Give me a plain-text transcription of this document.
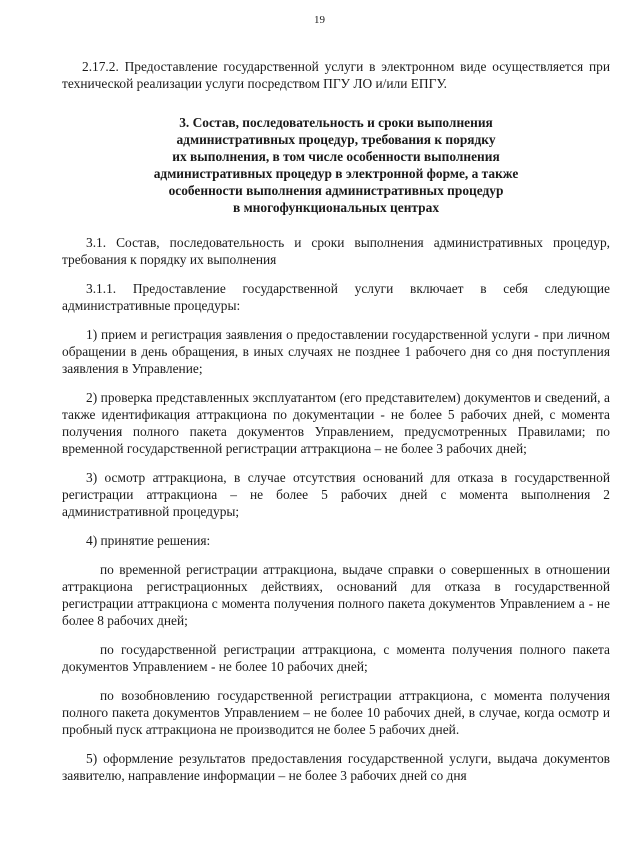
19

2.17.2. Предоставление государственной услуги в электронном виде осуществляется при технической реализации услуги посредством ПГУ ЛО и/или ЕПГУ.

3. Состав, последовательность и сроки выполнения
административных процедур, требования к порядку
их выполнения, в том числе особенности выполнения
административных процедур в электронной форме, а также
особенности выполнения административных процедур
в многофункциональных центрах

3.1. Состав, последовательность и сроки выполнения административных процедур, требования к порядку их выполнения

3.1.1. Предоставление государственной услуги включает в себя следующие административные процедуры:

1) прием и регистрация заявления о предоставлении государственной услуги - при личном обращении в день обращения, в иных случаях не позднее 1 рабочего дня со дня поступления заявления в Управление;

2) проверка представленных эксплуатантом (его представителем) документов и сведений, а также идентификация аттракциона по документации - не более 5 рабочих дней, с момента получения полного пакета документов Управлением, предусмотренных Правилами; по временной государственной регистрации аттракциона – не более 3 рабочих дней;

3) осмотр аттракциона, в случае отсутствия оснований для отказа в государственной регистрации аттракциона – не более 5 рабочих дней с момента выполнения 2 административной процедуры;

4) принятие решения:

по временной регистрации аттракциона, выдаче справки о совершенных в отношении аттракциона регистрационных действиях, оснований для отказа в государственной регистрации аттракциона с момента получения полного пакета документов Управлением а - не более 8 рабочих дней;

по государственной регистрации аттракциона, с момента получения полного пакета документов Управлением - не более 10 рабочих дней;

по возобновлению государственной регистрации аттракциона, с момента получения полного пакета документов Управлением – не более 10 рабочих дней, в случае, когда осмотр и пробный пуск аттракциона не производится не более 5 рабочих дней.

5) оформление результатов предоставления государственной услуги, выдача документов заявителю, направление информации – не более 3 рабочих дней со дня
